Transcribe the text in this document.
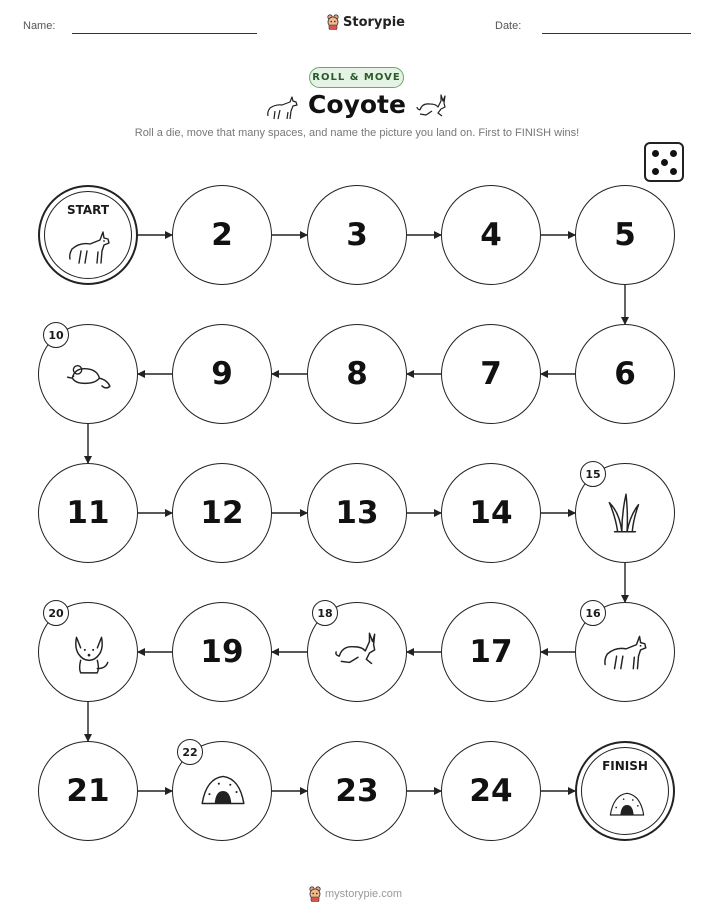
Name:	Storypie	Date:
ROLL & MOVE
Coyote
Roll a die, move that many spaces, and name the picture you land on. First to FINISH wins!
START
2	3	4	5
6
7
8
9
10
11	12	13	14
15
16
17
18
19
20
21
22
23	24
FINISH
mystorypie.com
